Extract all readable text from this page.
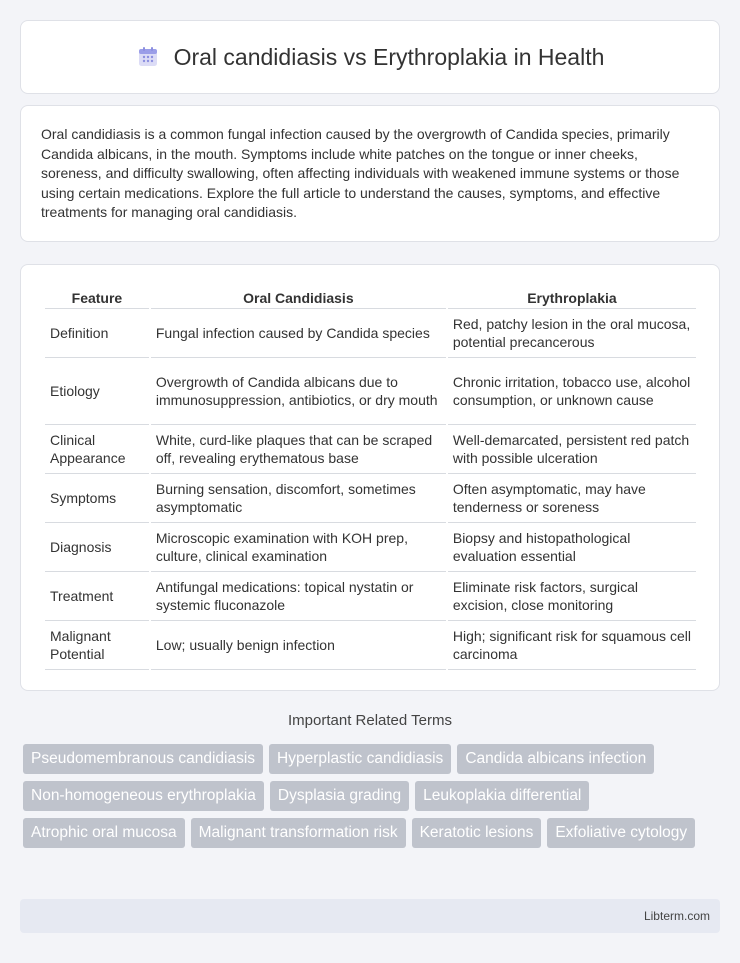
Oral candidiasis vs Erythroplakia in Health

Oral candidiasis is a common fungal infection caused by the overgrowth of Candida species, primarily Candida albicans, in the mouth. Symptoms include white patches on the tongue or inner cheeks, soreness, and difficulty swallowing, often affecting individuals with weakened immune systems or those using certain medications. Explore the full article to understand the causes, symptoms, and effective treatments for managing oral candidiasis.

Feature	Oral Candidiasis	Erythroplakia
Definition	Fungal infection caused by Candida species	Red, patchy lesion in the oral mucosa, potential precancerous
Etiology	Overgrowth of Candida albicans due to immunosuppression, antibiotics, or dry mouth	Chronic irritation, tobacco use, alcohol consumption, or unknown cause
Clinical Appearance	White, curd-like plaques that can be scraped off, revealing erythematous base	Well-demarcated, persistent red patch with possible ulceration
Symptoms	Burning sensation, discomfort, sometimes asymptomatic	Often asymptomatic, may have tenderness or soreness
Diagnosis	Microscopic examination with KOH prep, culture, clinical examination	Biopsy and histopathological evaluation essential
Treatment	Antifungal medications: topical nystatin or systemic fluconazole	Eliminate risk factors, surgical excision, close monitoring
Malignant Potential	Low; usually benign infection	High; significant risk for squamous cell carcinoma
Important Related Terms
Pseudomembranous candidiasis	Hyperplastic candidiasis	Candida albicans infection
Non-homogeneous erythroplakia	Dysplasia grading	Leukoplakia differential
Atrophic oral mucosa	Malignant transformation risk	Keratotic lesions	Exfoliative cytology
Libterm.com
